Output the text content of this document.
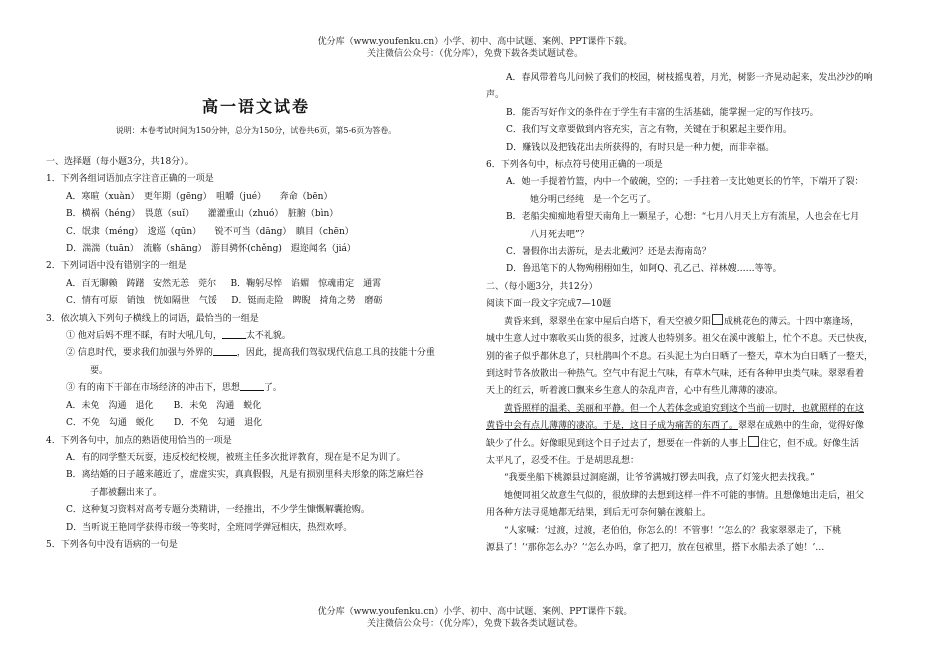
优分库（www.youfenku.cn）小学、初中、高中试题、案例、PPT课件下载。
关注微信公众号：（优分库），免费下载各类试题试卷。
高一语文试卷
说明：本卷考试时间为150分钟，总分为150分，试卷共6页，第5-6页为答卷。
一、选择题（每小题3分，共18分）。
1．下列各组词语加点字注音正确的一项是
A．寒暄（xuàn）　更年期（gēng）　咀嚼（jué）　　奔命（bēn）
B．横祸（héng）　畏葸（suǐ）　　灌灌重山（zhuó）　脏腑（bìn）
C．氓隶（méng）　逡巡（qūn）　　锐不可当（dāng）　瞋目（chēn）
D．湍湍（tuān）　流觞（shāng）　游目骋怀(chěng)　遐迩闻名（jiá）
2．下列词语中没有错别字的一组是
A．百无聊赖　踌躇 安然无恙　莞尔 B．鞠躬尽悴　谄媚　惊魂甫定　通霄
C．情有可原　销蚀　恍如隔世　气馁 D．铤而走险　睥睨　掎角之势　磨砺
3．依次填入下列句子横线上的词语，最恰当的一组是
① 他对后妈不理不睬，有时大吼几句，	太不礼貌。
② 信息时代，要求我们加强与外界的	，因此，提高我们驾驭现代信息工具的技能十分重
要。
③ 有的南下干部在市场经济的冲击下，思想	了。
A．未免　沟通　退化 B．未免　沟通　蜕化
C．不免　勾通　蜕化 D．不免　勾通　退化
4．下列各句中，加点的熟语使用恰当的一项是
A．有的同学整天玩耍，违反校纪校规，被班主任多次批评教育，现在是不足为训了。
B．离结婚的日子越来越近了，虚虚实实，真真假假，凡是有损别里科夫形象的陈芝麻烂谷
子都被翻出来了。
C．这种复习资料对高考专题分类精讲，一经推出，不少学生慷慨解囊抢购。
D．当听说王艳同学获得市级一等奖时，全班同学弹冠相庆，热烈欢呼。
5．下列各句中没有语病的一句是
A．春风带着鸟儿问候了我们的校园，树枝摇曳着，月光，树影一齐晃动起来，发出沙沙的响
声。
B．能否写好作文的条件在于学生有丰富的生活基础，能掌握一定的写作技巧。
C．我们写文章要做到内容充实，言之有物，关键在于积累起主要作用。
D．赚钱以及把钱花出去所获得的，有时只是一种力便，而非幸福。
6．下列各句中，标点符号使用正确的一项是
A．她一手提着竹篮，内中一个破碗，空的；一手拄着一支比她更长的竹竿，下端开了裂：
她分明已经纯　是一个乞丐了。
B．老船尖痴痴地看望天南角上一颗星子，心想：“七月八月天上方有流星，人也会在七月
八月死去吧”？
C．暑假你出去游玩，是去北戴河？还是去海南岛？
D．鲁迅笔下的人物殉栩栩如生，如阿Q、孔乙己、祥林嫂……等等。
二、（每小题3分，共12分）
阅读下面一段文字完成7—10题
黄昏来到，翠翠坐在家中屋后白塔下，看天空被夕阳 成桃花色的薄云。十四中寨逢场，
城中生意人过中寨收买山货的很多，过渡人也特别多。祖父在溪中渡船上，忙个不息。天已快夜，
别的雀子似乎都休息了，只杜鹃叫个不息。石头泥土为白日晒了一整天，草木为白日晒了一整天，
到这时节各放散出一种热气。空气中有泥土气味，有草木气味，还有各种甲虫类气味。翠翠看着
天上的红云，听着渡口飘来乡生意人的杂乱声音，心中有些儿薄薄的凄凉。
黄昏照样的温柔、美丽和平静。但一个人若体念或追究到这个当前一切时，也就照样的在这
黄昏中会有点儿薄薄的凄凉。于是，这日子成为痛苦的东西了。翠翠在成熟中的生命，觉得好像
缺少了什么。好像眼见到这个日子过去了，想要在一件新的人事上 住它，但不成。好像生活
太平凡了，忍受不住。于是胡思乱想：
“我要坐船下桃源县过洞庭湖，让爷爷满城打锣去叫我，点了灯笼火把去找我。”
她便同祖父故意生气似的，很放肆的去想到这样一件不可能的事情。且想像她出走后，祖父
用各种方法寻觅她都无结果，到后无可奈何躺在渡船上。
“人家喊：‘过渡，过渡，老伯伯，你怎么的！不管事！’‘怎么的？我家翠翠走了，下桃
源县了！’‘那你怎么办？’‘怎么办吗，拿了把刀，放在包袱里，搭下水船去杀了她！’…
优分库（www.youfenku.cn）小学、初中、高中试题、案例、PPT课件下载。
关注微信公众号：（优分库），免费下载各类试题试卷。
